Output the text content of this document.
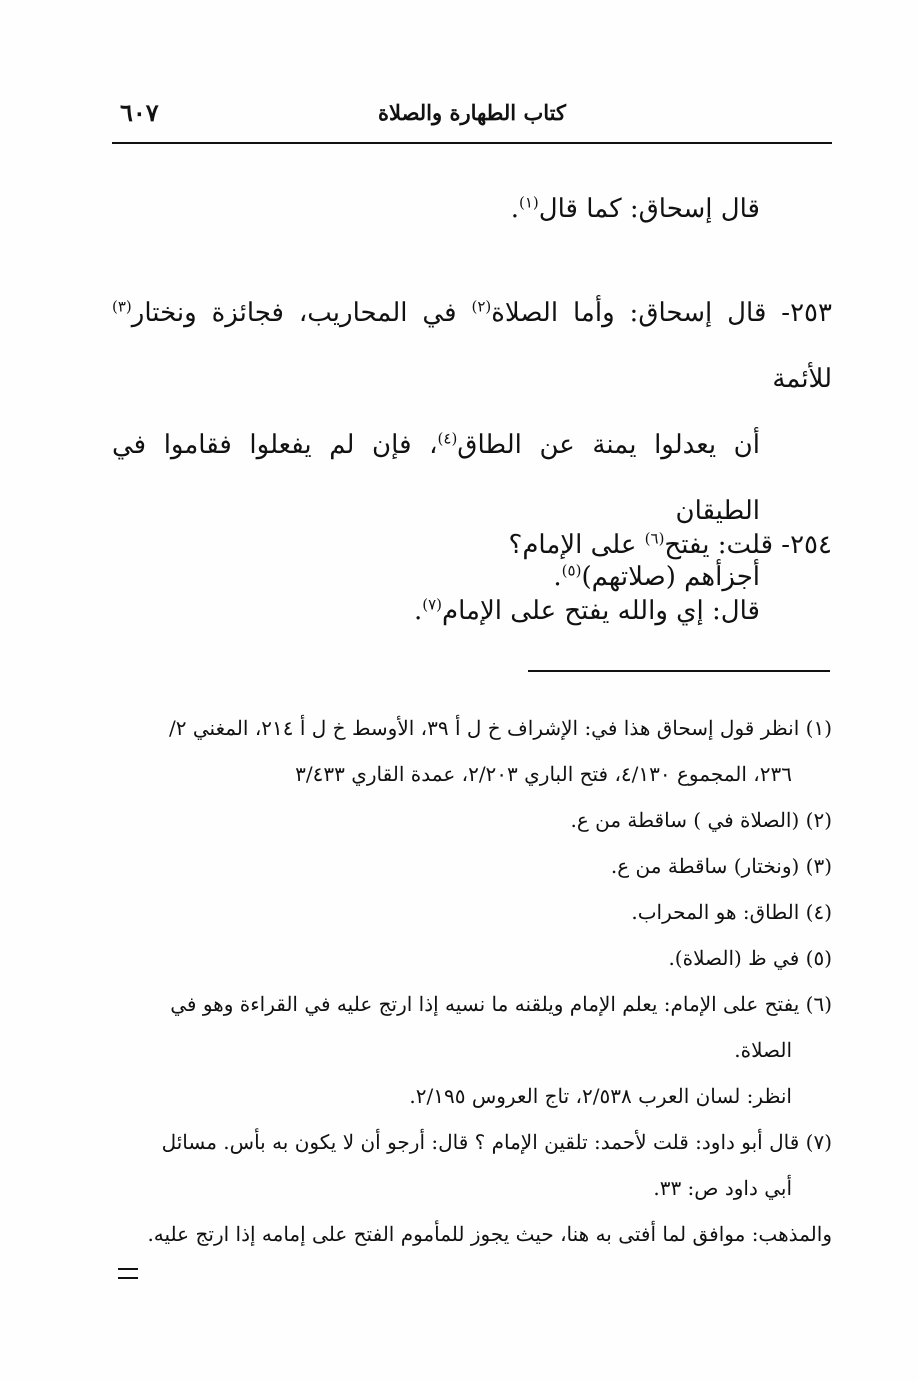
كتاب الطهارة والصلاة
٦٠٧

قال إسحاق: كما قال$^{(١)}$.

٢٥٣- قال إسحاق: وأما الصلاة$^{(٢)}$ في المحاريب، فجائزة ونختار$^{(٣)}$ للأئمة

أن يعدلوا يمنة عن الطاق$^{(٤)}$، فإن لم يفعلوا فقاموا في الطيقان

أجزأهم (صلاتهم)$^{(٥)}$.

٢٥٤- قلت: يفتح$^{(٦)}$ على الإمام؟

قال: إي والله يفتح على الإمام$^{(٧)}$.

(١) انظر قول إسحاق هذا في: الإشراف خ ل أ ٣٩، الأوسط خ ل أ ٢١٤، المغني ٢/

٢٣٦، المجموع ٤/١٣٠، فتح الباري ٢/٢٠٣، عمدة القاري ٣/٤٣٣

(٢) (الصلاة في ) ساقطة من ع.

(٣) (ونختار) ساقطة من ع.

(٤) الطاق: هو المحراب.

(٥) في ظ (الصلاة).

(٦) يفتح على الإمام: يعلم الإمام ويلقنه ما نسيه إذا ارتج عليه في القراءة وهو في

الصلاة.

انظر: لسان العرب ٢/٥٣٨، تاج العروس ٢/١٩٥.

(٧) قال أبو داود: قلت لأحمد: تلقين الإمام ؟ قال: أرجو أن لا يكون به بأس. مسائل

أبي داود ص: ٣٣.

والمذهب: موافق لما أفتى به هنا، حيث يجوز للمأموم الفتح على إمامه إذا ارتج عليه.
